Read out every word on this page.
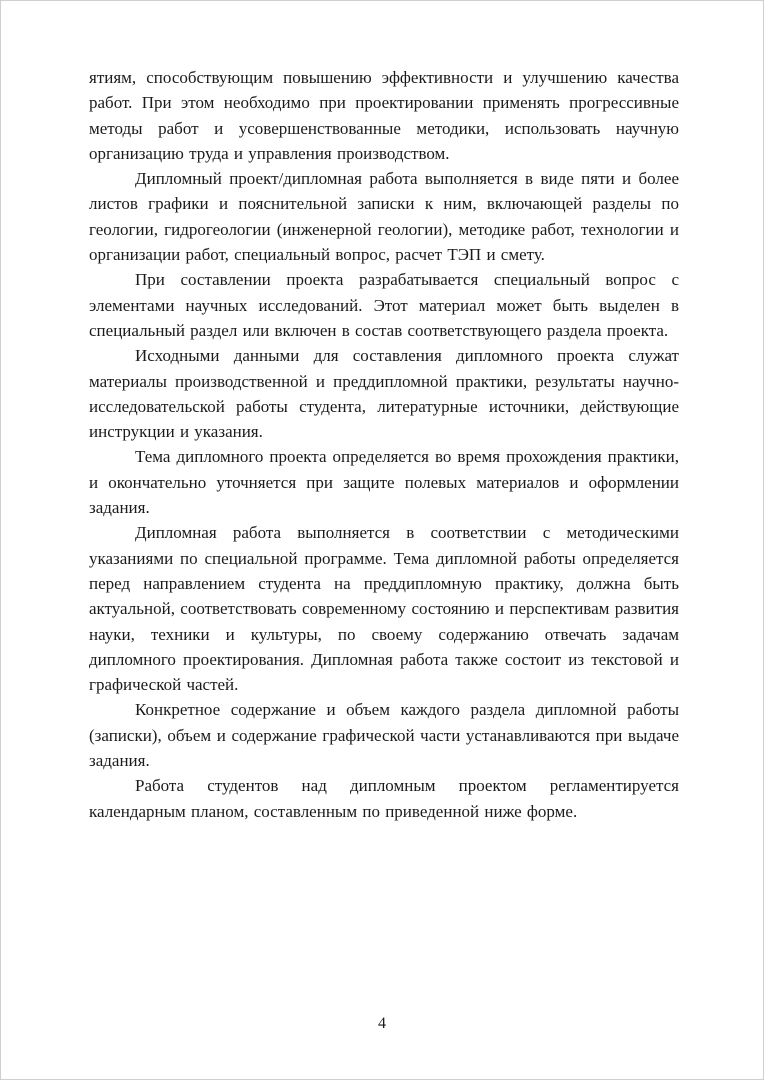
ятиям, способствующим повышению эффективности и улучшению качества работ. При этом необходимо при проектировании применять прогрессивные методы работ и усовершенствованные методики, использовать научную организацию труда и управления производством.

Дипломный проект/дипломная работа выполняется в виде пяти и более листов графики и пояснительной записки к ним, включающей разделы по геологии, гидрогеологии (инженерной геологии), методике работ, технологии и организации работ, специальный вопрос, расчет ТЭП и смету.

При составлении проекта разрабатывается специальный вопрос с элементами научных исследований. Этот материал может быть выделен в специальный раздел или включен в состав соответствующего раздела проекта.

Исходными данными для составления дипломного проекта служат материалы производственной и преддипломной практики, результаты научно-исследовательской работы студента, литературные источники, действующие инструкции и указания.

Тема дипломного проекта определяется во время прохождения практики, и окончательно уточняется при защите полевых материалов и оформлении задания.

Дипломная работа выполняется в соответствии с методическими указаниями по специальной программе. Тема дипломной работы определяется перед направлением студента на преддипломную практику, должна быть актуальной, соответствовать современному состоянию и перспективам развития науки, техники и культуры, по своему содержанию отвечать задачам дипломного проектирования. Дипломная работа также состоит из текстовой и графической частей.

Конкретное содержание и объем каждого раздела дипломной работы (записки), объем и содержание графической части устанавливаются при выдаче задания.

Работа студентов над дипломным проектом регламентируется календарным планом, составленным по приведенной ниже форме.

4
